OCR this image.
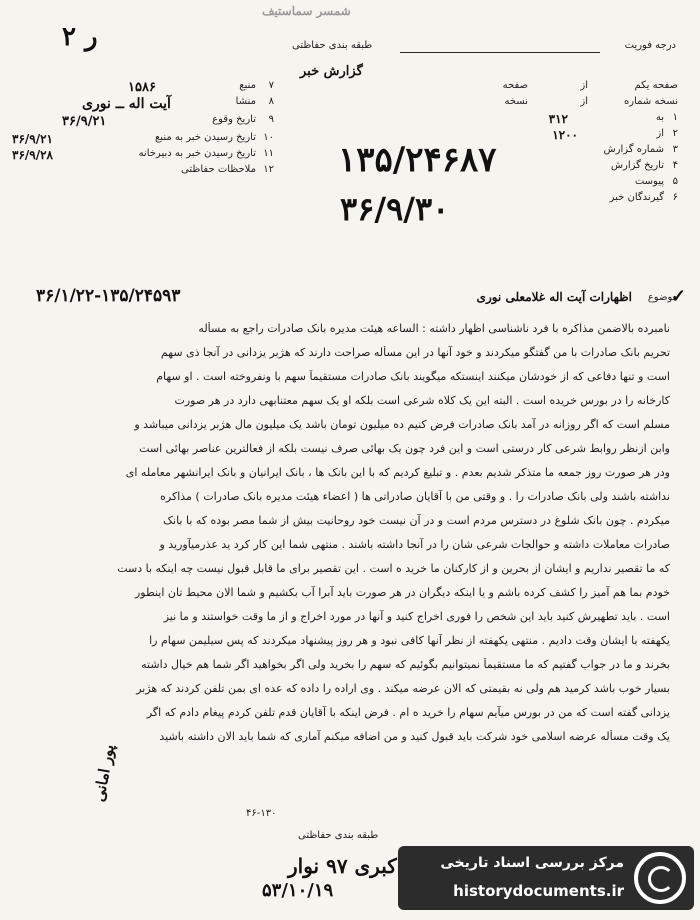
شمسر سماستیف
طبقه بندی حفاظتی
گزارش خبر
درجه فوریت
۲ ر
۷
منبع
۱۵۸۶
۸
منشا
آیت اله ــ نوری
۹
تاریخ وقوع
۳۶/۹/۲۱
۱۰
تاریخ رسیدن خبر به منبع
۳۶/۹/۲۱
۱۱
تاریخ رسیدن خبر به دبیرخانه
۳۶/۹/۲۸
۱۲
ملاحظات حفاظتی
صفحه یکم
از
صفحه
نسخه شماره
از
نسخه
۱
به
۳۱۲
۲
از
۱۲۰۰
۳
شماره گزارش
۴
تاریخ گزارش
۵
پیوست
۶
گیرندگان خبر
۱۳۵/۲۴۶۸۷
۳۶/۹/۳۰
موضوع
اظهارات آیت اله غلامعلی نوری
۳۶/۱/۲۲-۱۳۵/۲۴۵۹۳	✓
نامبرده بالاضمن مذاکره با فرد ناشناسی اظهار داشته : الساعه هیئت مدیره بانک صادرات راجع به مسأله
تحریم بانک صادرات با من گفتگو میکردند و خود آنها در این مسأله صراحت دارند که هژبر یزدانی در آنجا ذی سهم
است و تنها دفاعی که از خودشان میکنند اینستکه میگویند بانک صادرات مستقیماً سهم با ونفروخته است . او سهام
کارخانه را در بورس خریده است . البته این یک کلاه شرعی است بلکه او یک سهم معتنابهی دارد در هر صورت
مسلم است که اگر روزانه در آمد بانک صادرات فرض کنیم ده میلیون تومان باشد یک میلیون مال هژبر یزدانی میباشد و
وابن ازنظر روابط شرعی کار درستی است و این فرد چون یک بهائی صرف نیست بلکه از فعالترین عناصر بهائی است
ودر هر صورت روز جمعه ما متذکر شدیم بعدم . و تبلیغ کردیم که با این بانک ها ، بانک ایرانیان و بانک ایرانشهر معامله ای
نداشته باشند ولی بانک صادرات را . و وقتی من با آقایان صادراتی ها ( اعضاء هیئت مدیره بانک صادرات ) مذاکره
میکردم . چون بانک شلوغ در دسترس مردم است و در آن نیست خود روحانیت بیش از شما مصر بوده که با بانک
صادرات معاملات داشته و حوالجات شرعی شان را در آنجا داشته باشند . منتهی شما این کار کرد ید عذرمیآورید و
که ما تقصیر نداریم و ایشان از بحرین و از کارکنان ما خرید ه است . این تقصیر برای ما قابل قبول نیست چه اینکه با دست
خودم بما هم آمیز را کشف کرده باشم و یا اینکه دیگران در هر صورت باید آبرا آب بکشیم و شما الان محیط تان اینطور
است . باید تطهیرش کنید باید این شخص را فوری اخراج کنید و آنها در مورد اخراج و از ما وقت خواستند و ما نیز
یکهفته با ایشان وقت دادیم . منتهی یکهفته از نظر آنها کافی نبود و هر روز پیشنهاد میکردند که پس سیلیمن سهام را
بخرند و ما در جواب گفتیم که ما مستقیماً نمیتوانیم بگوئیم که سهم را بخرید ولی اگر بخواهید اگر شما هم خیال داشته
بسیار خوب باشد کرمید هم ولی نه بقیمتی که الان عرضه میکند . وی اراده را داده که عده ای بمن تلفن کردند که هژبر
یزدانی گفته است که من در بورس میآیم سهام را خرید ه ام . فرض اینکه با آقایان قدم تلفن کردم پیغام دادم که اگر
یک وقت مسأله عرضه اسلامی خود شرکت باید قبول کنید و من اضافه میکنم آماری که شما باید الان داشته باشید
۴۶-۱۳۰
طبقه بندی حفاظتی
پور امانی
کبری ۹۷ نوار
۵۳/۱۰/۱۹
مرکز بررسی اسناد تاریخی
historydocuments.ir
